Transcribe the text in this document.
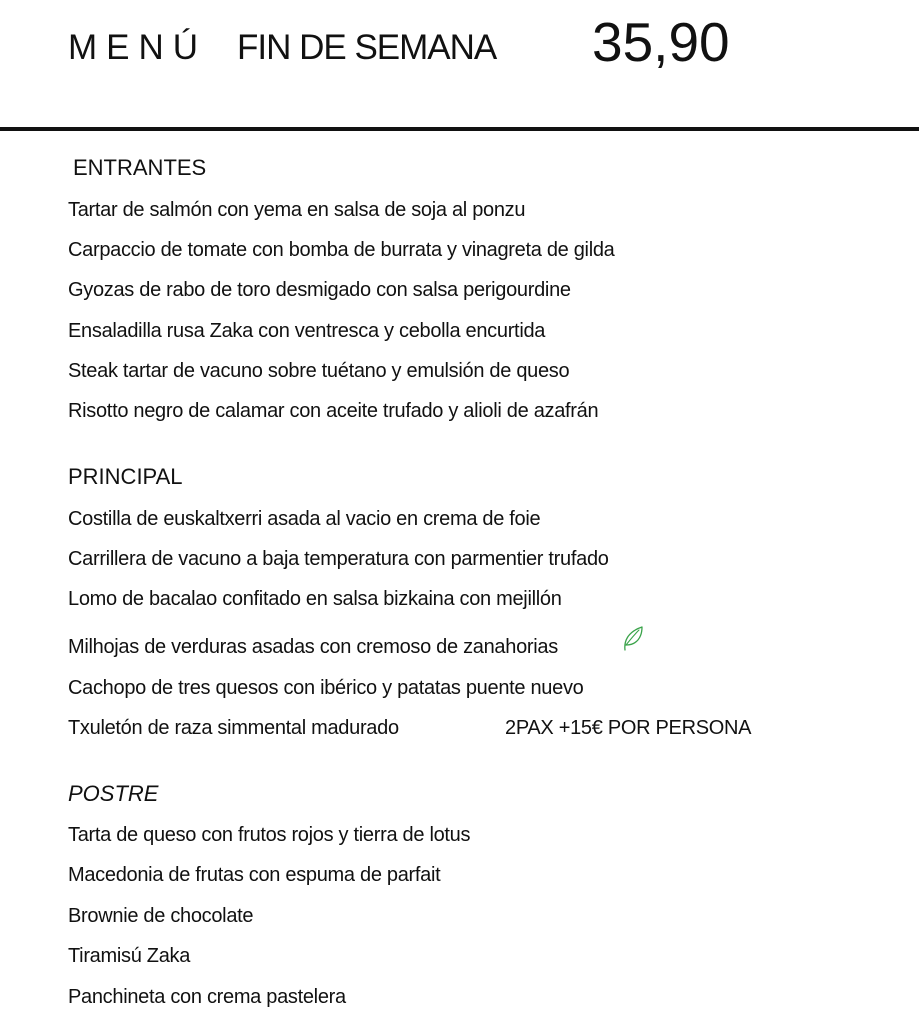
MENÚ FIN DE SEMANA 35,90
ENTRANTES
Tartar de salmón con yema en salsa de soja al ponzu
Carpaccio de tomate con bomba de burrata y vinagreta de gilda
Gyozas de rabo de toro desmigado con salsa perigourdine
Ensaladilla rusa Zaka con ventresca y cebolla encurtida
Steak tartar de vacuno sobre tuétano y emulsión de queso
Risotto negro de calamar con aceite trufado y alioli de azafrán
PRINCIPAL
Costilla de euskaltxerri asada al vacio en crema de foie
Carrillera de vacuno a baja temperatura con parmentier trufado
Lomo de bacalao confitado en salsa bizkaina con mejillón
Milhojas de verduras asadas con cremoso de zanahorias
Cachopo de tres quesos con ibérico y patatas puente nuevo
Txuletón de raza simmental madurado	2PAX +15€ POR PERSONA
POSTRE
Tarta de queso con frutos rojos y tierra de lotus
Macedonia de frutas con espuma de parfait
Brownie de chocolate
Tiramisú Zaka
Panchineta con crema pastelera
